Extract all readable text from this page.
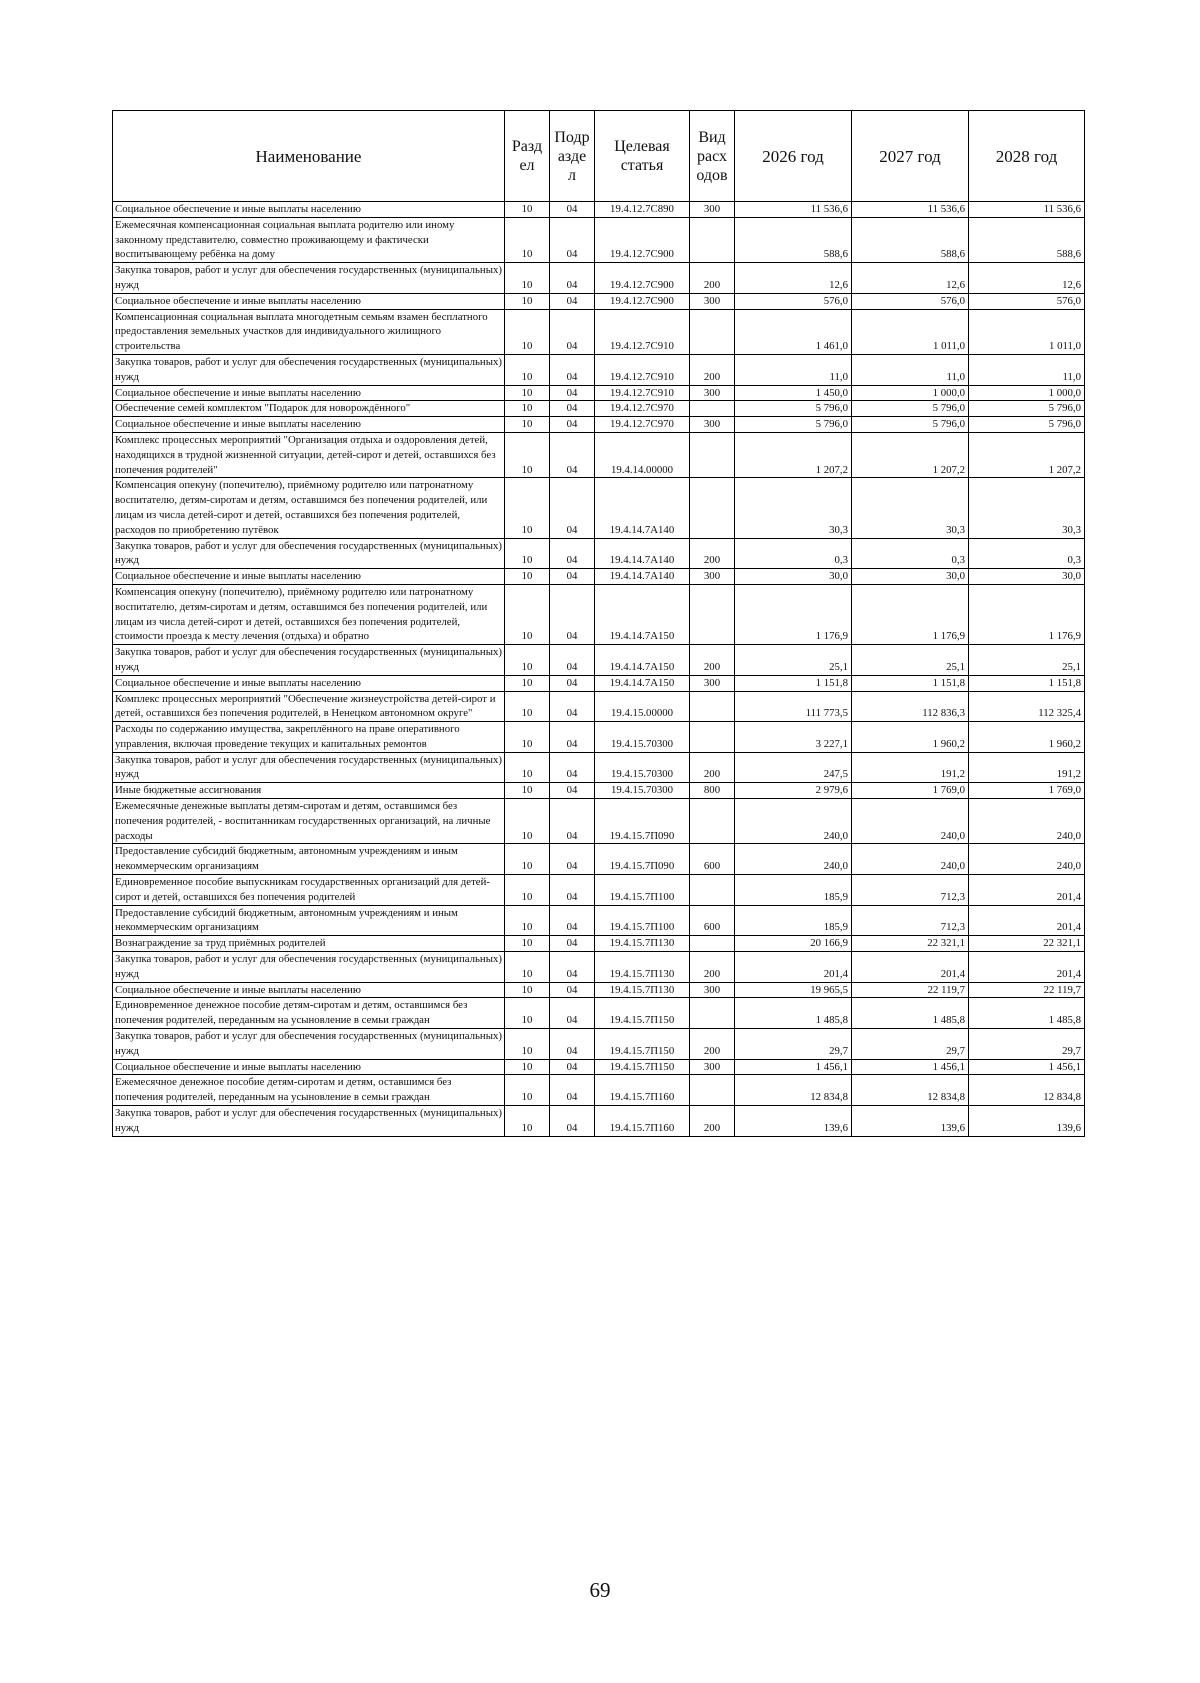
Наименование	Разд ел	Подр азде л	Целевая статья	Вид расх одов	2026 год	2027 год	2028 год
Социальное обеспечение и иные выплаты населению	10	04	19.4.12.7С890	300	11 536,6	11 536,6	11 536,6
Ежемесячная компенсационная социальная выплата родителю или иному законному представителю, совместно проживающему и фактически воспитывающему ребёнка на дому	10	04	19.4.12.7С900		588,6	588,6	588,6
Закупка товаров, работ и услуг для обеспечения государственных (муниципальных) нужд	10	04	19.4.12.7С900	200	12,6	12,6	12,6
Социальное обеспечение и иные выплаты населению	10	04	19.4.12.7С900	300	576,0	576,0	576,0
Компенсационная социальная выплата многодетным семьям взамен бесплатного предоставления земельных участков для индивидуального жилищного строительства	10	04	19.4.12.7С910		1 461,0	1 011,0	1 011,0
Закупка товаров, работ и услуг для обеспечения государственных (муниципальных) нужд	10	04	19.4.12.7С910	200	11,0	11,0	11,0
Социальное обеспечение и иные выплаты населению	10	04	19.4.12.7С910	300	1 450,0	1 000,0	1 000,0
Обеспечение семей комплектом "Подарок для новорождённого"	10	04	19.4.12.7С970		5 796,0	5 796,0	5 796,0
Социальное обеспечение и иные выплаты населению	10	04	19.4.12.7С970	300	5 796,0	5 796,0	5 796,0
Комплекс процессных мероприятий "Организация отдыха и оздоровления детей, находящихся в трудной жизненной ситуации, детей-сирот и детей, оставшихся без попечения родителей"	10	04	19.4.14.00000		1 207,2	1 207,2	1 207,2
Компенсация опекуну (попечителю), приёмному родителю или патронатному воспитателю, детям-сиротам и детям, оставшимся без попечения родителей, или лицам из числа детей-сирот и детей, оставшихся без попечения родителей, расходов по приобретению путёвок	10	04	19.4.14.7А140		30,3	30,3	30,3
Закупка товаров, работ и услуг для обеспечения государственных (муниципальных) нужд	10	04	19.4.14.7А140	200	0,3	0,3	0,3
Социальное обеспечение и иные выплаты населению	10	04	19.4.14.7А140	300	30,0	30,0	30,0
Компенсация опекуну (попечителю), приёмному родителю или патронатному воспитателю, детям-сиротам и детям, оставшимся без попечения родителей, или лицам из числа детей-сирот и детей, оставшихся без попечения родителей, стоимости проезда к месту лечения (отдыха) и обратно	10	04	19.4.14.7А150		1 176,9	1 176,9	1 176,9
Закупка товаров, работ и услуг для обеспечения государственных (муниципальных) нужд	10	04	19.4.14.7А150	200	25,1	25,1	25,1
Социальное обеспечение и иные выплаты населению	10	04	19.4.14.7А150	300	1 151,8	1 151,8	1 151,8
Комплекс процессных мероприятий "Обеспечение жизнеустройства детей-сирот и детей, оставшихся без попечения родителей, в Ненецком автономном округе"	10	04	19.4.15.00000		111 773,5	112 836,3	112 325,4
Расходы по содержанию имущества, закреплённого на праве оперативного управления, включая проведение текущих и капитальных ремонтов	10	04	19.4.15.70300		3 227,1	1 960,2	1 960,2
Закупка товаров, работ и услуг для обеспечения государственных (муниципальных) нужд	10	04	19.4.15.70300	200	247,5	191,2	191,2
Иные бюджетные ассигнования	10	04	19.4.15.70300	800	2 979,6	1 769,0	1 769,0
Ежемесячные денежные выплаты детям-сиротам и детям, оставшимся без попечения родителей, - воспитанникам государственных организаций, на личные расходы	10	04	19.4.15.7П090		240,0	240,0	240,0
Предоставление субсидий бюджетным, автономным учреждениям и иным некоммерческим организациям	10	04	19.4.15.7П090	600	240,0	240,0	240,0
Единовременное пособие выпускникам государственных организаций для детей-сирот и детей, оставшихся без попечения родителей	10	04	19.4.15.7П100		185,9	712,3	201,4
Предоставление субсидий бюджетным, автономным учреждениям и иным некоммерческим организациям	10	04	19.4.15.7П100	600	185,9	712,3	201,4
Вознаграждение за труд приёмных родителей	10	04	19.4.15.7П130		20 166,9	22 321,1	22 321,1
Закупка товаров, работ и услуг для обеспечения государственных (муниципальных) нужд	10	04	19.4.15.7П130	200	201,4	201,4	201,4
Социальное обеспечение и иные выплаты населению	10	04	19.4.15.7П130	300	19 965,5	22 119,7	22 119,7
Единовременное денежное пособие детям-сиротам и детям, оставшимся без попечения родителей, переданным на усыновление в семьи граждан	10	04	19.4.15.7П150		1 485,8	1 485,8	1 485,8
Закупка товаров, работ и услуг для обеспечения государственных (муниципальных) нужд	10	04	19.4.15.7П150	200	29,7	29,7	29,7
Социальное обеспечение и иные выплаты населению	10	04	19.4.15.7П150	300	1 456,1	1 456,1	1 456,1
Ежемесячное денежное пособие детям-сиротам и детям, оставшимся без попечения родителей, переданным на усыновление в семьи граждан	10	04	19.4.15.7П160		12 834,8	12 834,8	12 834,8
Закупка товаров, работ и услуг для обеспечения государственных (муниципальных) нужд	10	04	19.4.15.7П160	200	139,6	139,6	139,6
69
